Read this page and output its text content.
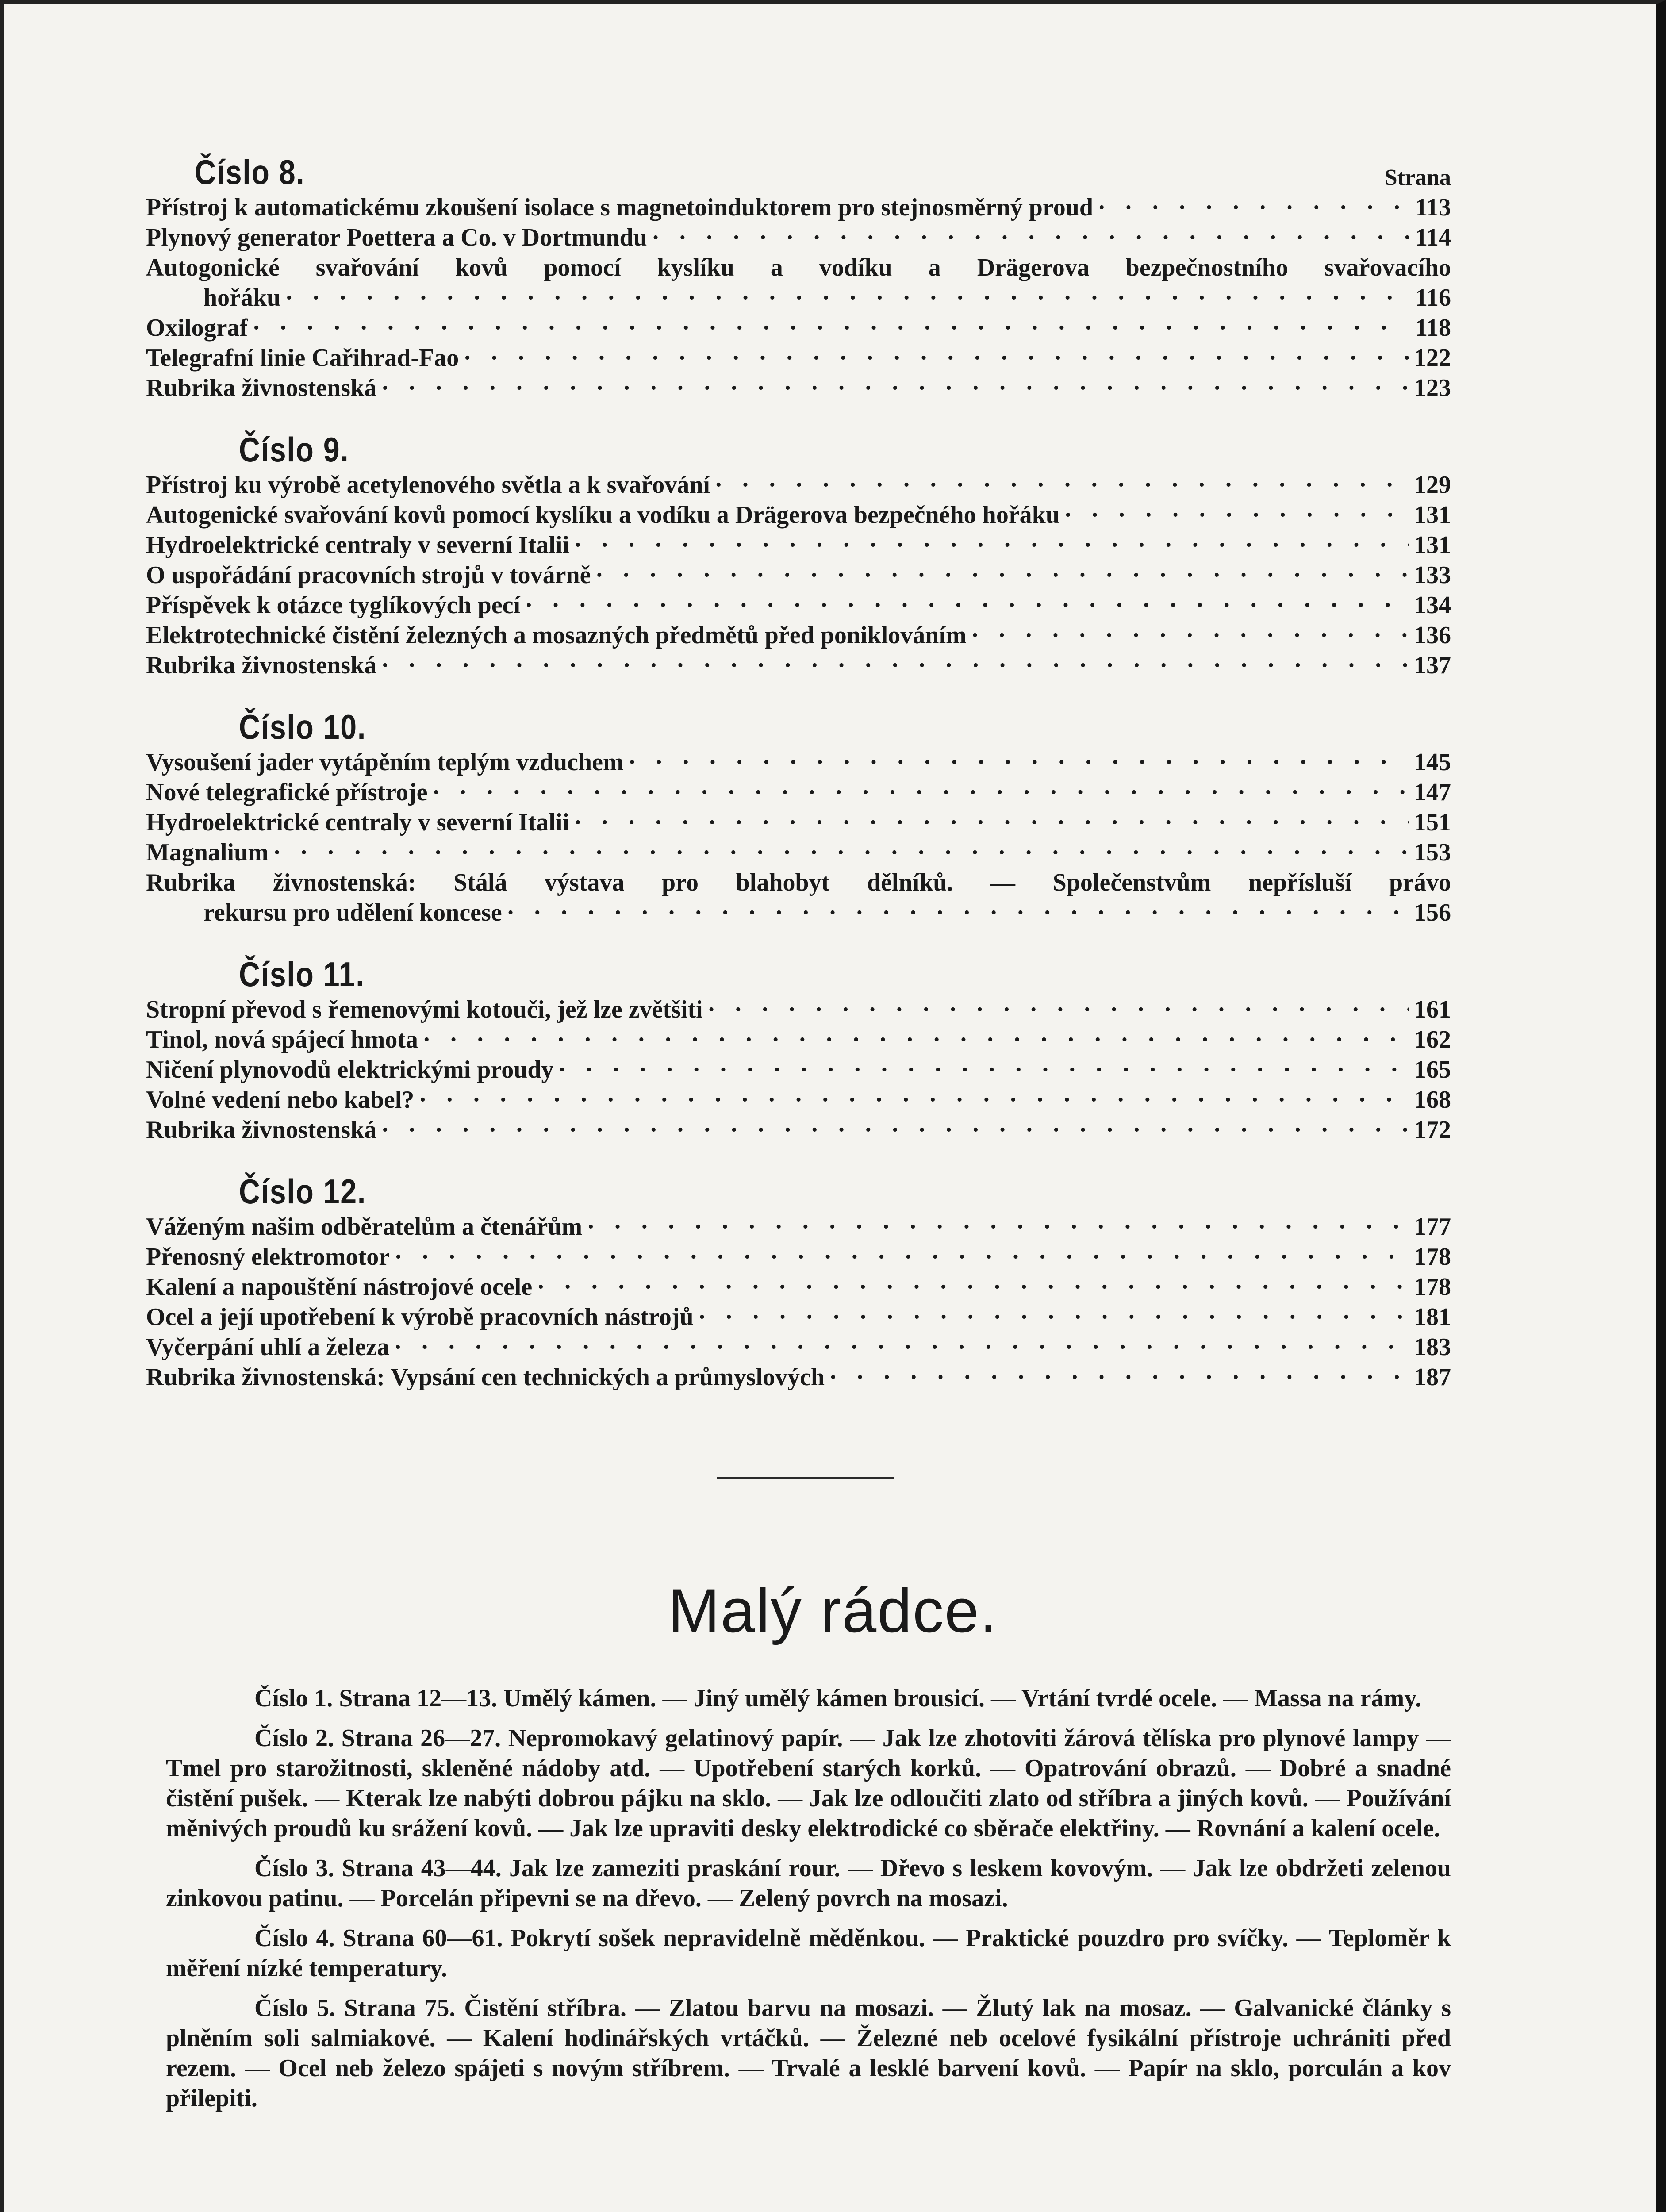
Číslo 8.	Strana
Přístroj k automatickému zkoušení isolace s magnetoinduktorem pro stejnosměrný proud · · ·	113
Plynový generator Poettera a Co. v Dortmundu · · ·	114
Autogonické svařování kovů pomocí kyslíku a vodíku a Drägerova bezpečnostního svařovacího
hořáku · · ·	116
Oxilograf · · ·	118
Telegrafní linie Cařihrad-Fao · · ·	122
Rubrika živnostenská · · ·	123
Číslo 9.
Přístroj ku výrobě acetylenového světla a k svařování · · ·	129
Autogenické svařování kovů pomocí kyslíku a vodíku a Drägerova bezpečného hořáku · · ·	131
Hydroelektrické centraly v severní Italii · · ·	131
O uspořádání pracovních strojů v továrně · · ·	133
Příspěvek k otázce tyglíkových pecí · · ·	134
Elektrotechnické čistění železných a mosazných předmětů před poniklováním · · ·	136
Rubrika živnostenská · · ·	137
Číslo 10.
Vysoušení jader vytápěním teplým vzduchem · · ·	145
Nové telegrafické přístroje · · ·	147
Hydroelektrické centraly v severní Italii · · ·	151
Magnalium · · ·	153
Rubrika živnostenská: Stálá výstava pro blahobyt dělníků. — Společenstvům nepřísluší právo
rekursu pro udělení koncese · · ·	156
Číslo 11.
Stropní převod s řemenovými kotouči, jež lze zvětšiti · · ·	161
Tinol, nová spájecí hmota · · ·	162
Ničení plynovodů elektrickými proudy · · ·	165
Volné vedení nebo kabel? · · ·	168
Rubrika živnostenská · · ·	172
Číslo 12.
Váženým našim odběratelům a čtenářům · · ·	177
Přenosný elektromotor · · ·	178
Kalení a napouštění nástrojové ocele · · ·	178
Ocel a její upotřebení k výrobě pracovních nástrojů · · ·	181
Vyčerpání uhlí a železa · · ·	183
Rubrika živnostenská: Vypsání cen technických a průmyslových · · ·	187
Malý rádce.

Číslo 1. Strana 12—13. Umělý kámen. — Jiný umělý kámen brousicí. — Vrtání tvrdé ocele. — Massa na rámy.

Číslo 2. Strana 26—27. Nepromokavý gelatinový papír. — Jak lze zhotoviti žárová tělíska pro plynové lampy — Tmel pro starožitnosti, skleněné nádoby atd. — Upotřebení starých korků. — Opatrování obrazů. — Dobré a snadné čistění pušek. — Kterak lze nabýti dobrou pájku na sklo. — Jak lze odloučiti zlato od stříbra a jiných kovů. — Používání měnivých proudů ku srážení kovů. — Jak lze upraviti desky elektrodické co sběrače elektřiny. — Rovnání a kalení ocele.

Číslo 3. Strana 43—44. Jak lze zameziti praskání rour. — Dřevo s leskem kovovým. — Jak lze obdržeti zelenou zinkovou patinu. — Porcelán připevni se na dřevo. — Zelený povrch na mosazi.

Číslo 4. Strana 60—61. Pokrytí sošek nepravidelně měděnkou. — Praktické pouzdro pro svíčky. — Teploměr k měření nízké temperatury.

Číslo 5. Strana 75. Čistění stříbra. — Zlatou barvu na mosazi. — Žlutý lak na mosaz. — Galvanické články s plněním soli salmiakové. — Kalení hodinářských vrtáčků. — Železné neb ocelové fysikální přístroje uchrániti před rezem. — Ocel neb železo spájeti s novým stříbrem. — Trvalé a lesklé barvení kovů. — Papír na sklo, porculán a kov přilepiti.
